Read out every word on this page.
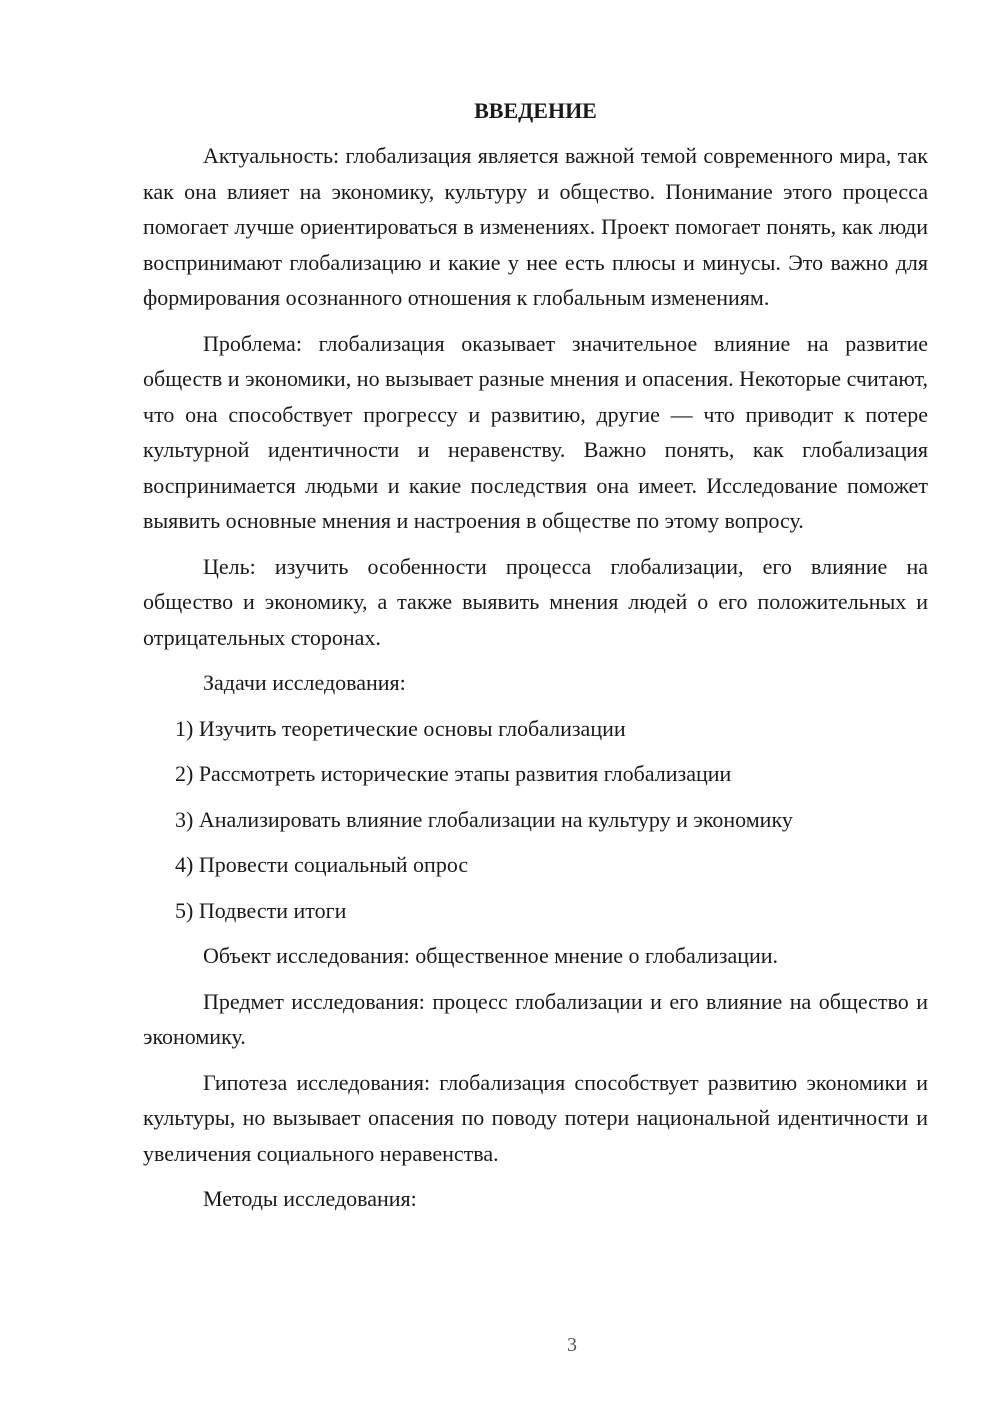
ВВЕДЕНИЕ

Актуальность: глобализация является важной темой современного мира, так как она влияет на экономику, культуру и общество. Понимание этого процесса помогает лучше ориентироваться в изменениях. Проект помогает понять, как люди воспринимают глобализацию и какие у нее есть плюсы и минусы. Это важно для формирования осознанного отношения к глобальным изменениям.

Проблема: глобализация оказывает значительное влияние на развитие обществ и экономики, но вызывает разные мнения и опасения. Некоторые считают, что она способствует прогрессу и развитию, другие — что приводит к потере культурной идентичности и неравенству. Важно понять, как глобализация воспринимается людьми и какие последствия она имеет. Исследование поможет выявить основные мнения и настроения в обществе по этому вопросу.

Цель: изучить особенности процесса глобализации, его влияние на общество и экономику, а также выявить мнения людей о его положительных и отрицательных сторонах.

Задачи исследования:

1) Изучить теоретические основы глобализации
2) Рассмотреть исторические этапы развития глобализации
3) Анализировать влияние глобализации на культуру и экономику
4) Провести социальный опрос
5) Подвести итоги

Объект исследования: общественное мнение о глобализации.

Предмет исследования: процесс глобализации и его влияние на общество и экономику.

Гипотеза исследования: глобализация способствует развитию экономики и культуры, но вызывает опасения по поводу потери национальной идентичности и увеличения социального неравенства.

Методы исследования:

3
